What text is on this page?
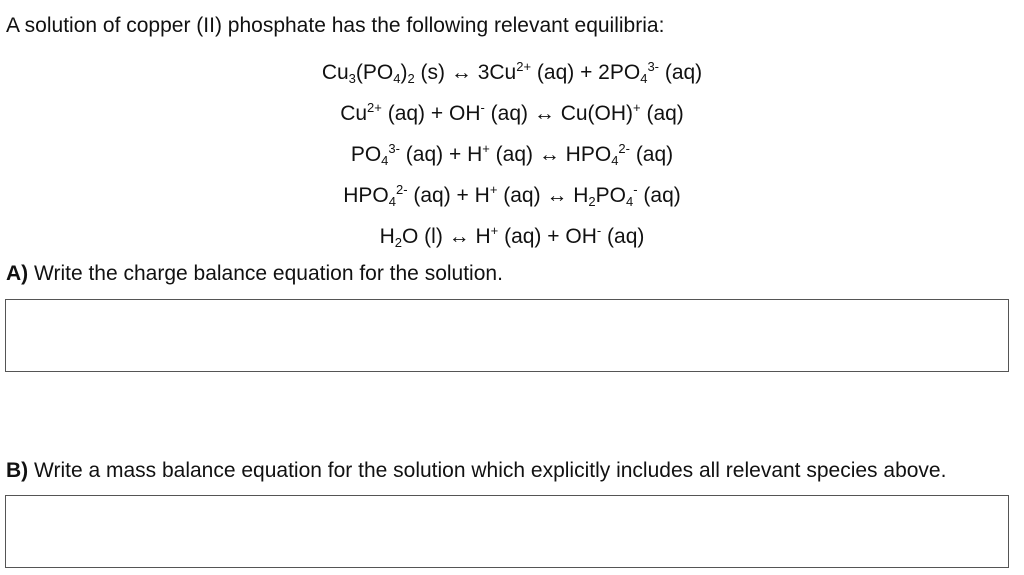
A solution of copper (II) phosphate has the following relevant equilibria:
$Cu_3(PO_4)_2$ (s) ↔ $3Cu^{2+}$ $(aq) + 2PO_4^{3-}$ (aq)
$Cu^{2+}$ (aq) + OH- (aq) ↔ Cu(OH)+ (aq)
$PO_4^{3-}$ (aq) + H+ (aq) ↔ $HPO_4^{2-}$ (aq)
$HPO_4^{2-}$ (aq) + H+ (aq) ↔ $H_2PO_4^-$ (aq)
$H_2O$ (l) ↔ H+ (aq) + OH- (aq)
A) Write the charge balance equation for the solution.
B) Write a mass balance equation for the solution which explicitly includes all relevant species above.
